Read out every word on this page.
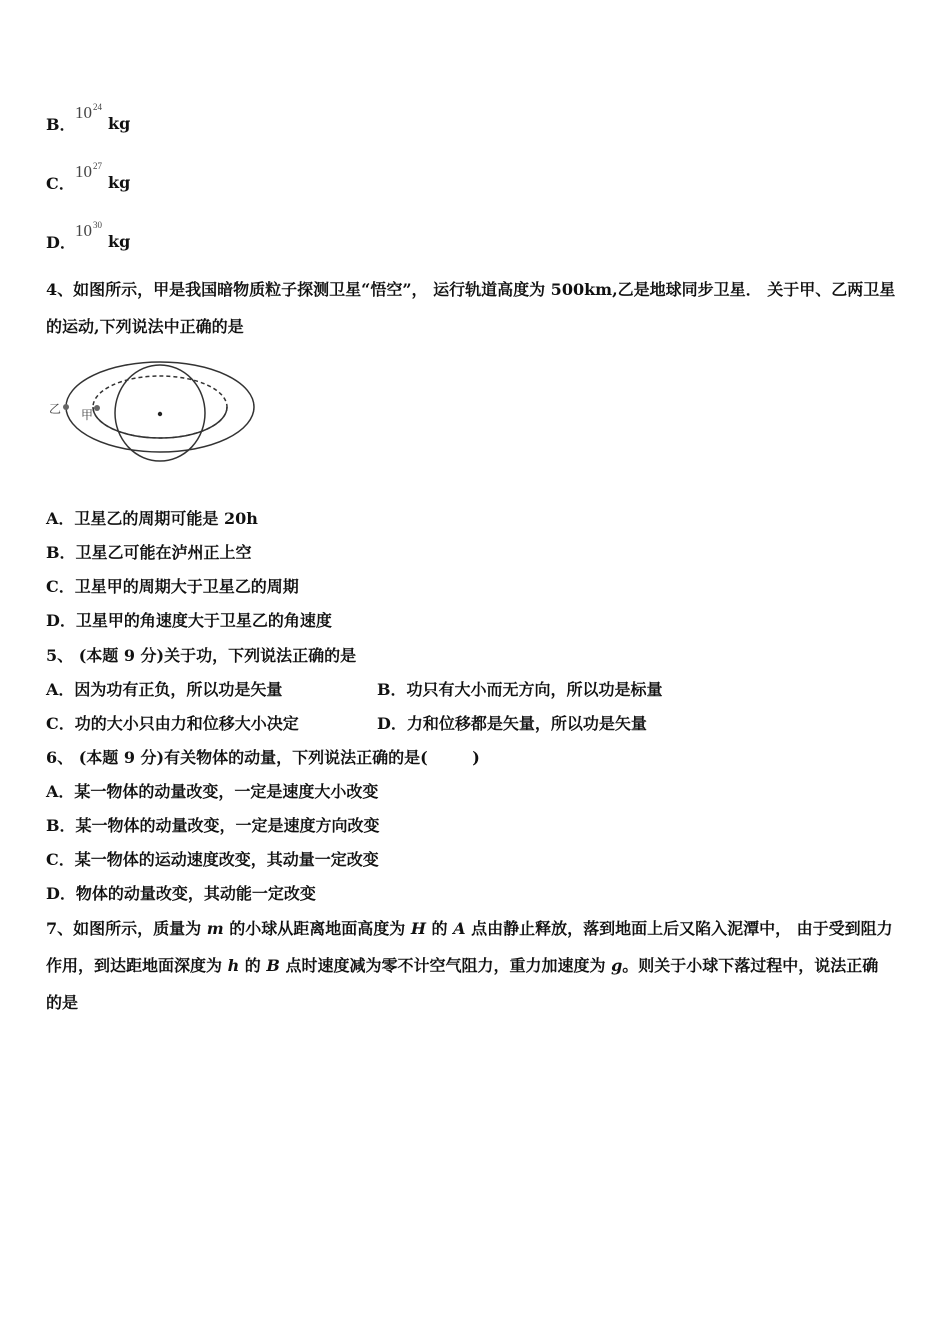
B．
$10^{24}$
kg
C．
$10^{27}$
kg
D．
$10^{30}$
kg
4、如图所示，甲是我国暗物质粒子探测卫星“悟空”， 运行轨道高度为 500km,乙是地球同步卫星． 关于甲、乙两卫星
的运动,下列说法中正确的是
乙 甲
A．卫星乙的周期可能是 20h
B．卫星乙可能在泸州正上空
C．卫星甲的周期大于卫星乙的周期
D．卫星甲的角速度大于卫星乙的角速度
5、 (本题 9 分)关于功，下列说法正确的是
A．因为功有正负，所以功是矢量	B．功只有大小而无方向，所以功是标量
C．功的大小只由力和位移大小决定	D．力和位移都是矢量，所以功是矢量
6、 (本题 9 分)有关物体的动量，下列说法正确的是(        )
A．某一物体的动量改变，一定是速度大小改变
B．某一物体的动量改变，一定是速度方向改变
C．某一物体的运动速度改变，其动量一定改变
D．物体的动量改变，其动能一定改变
7、如图所示，质量为 m 的小球从距离地面高度为 H 的 A 点由静止释放，落到地面上后又陷入泥潭中， 由于受到阻力
作用，到达距地面深度为 h 的 B 点时速度减为零不计空气阻力，重力加速度为 g。则关于小球下落过程中，说法正确
的是
